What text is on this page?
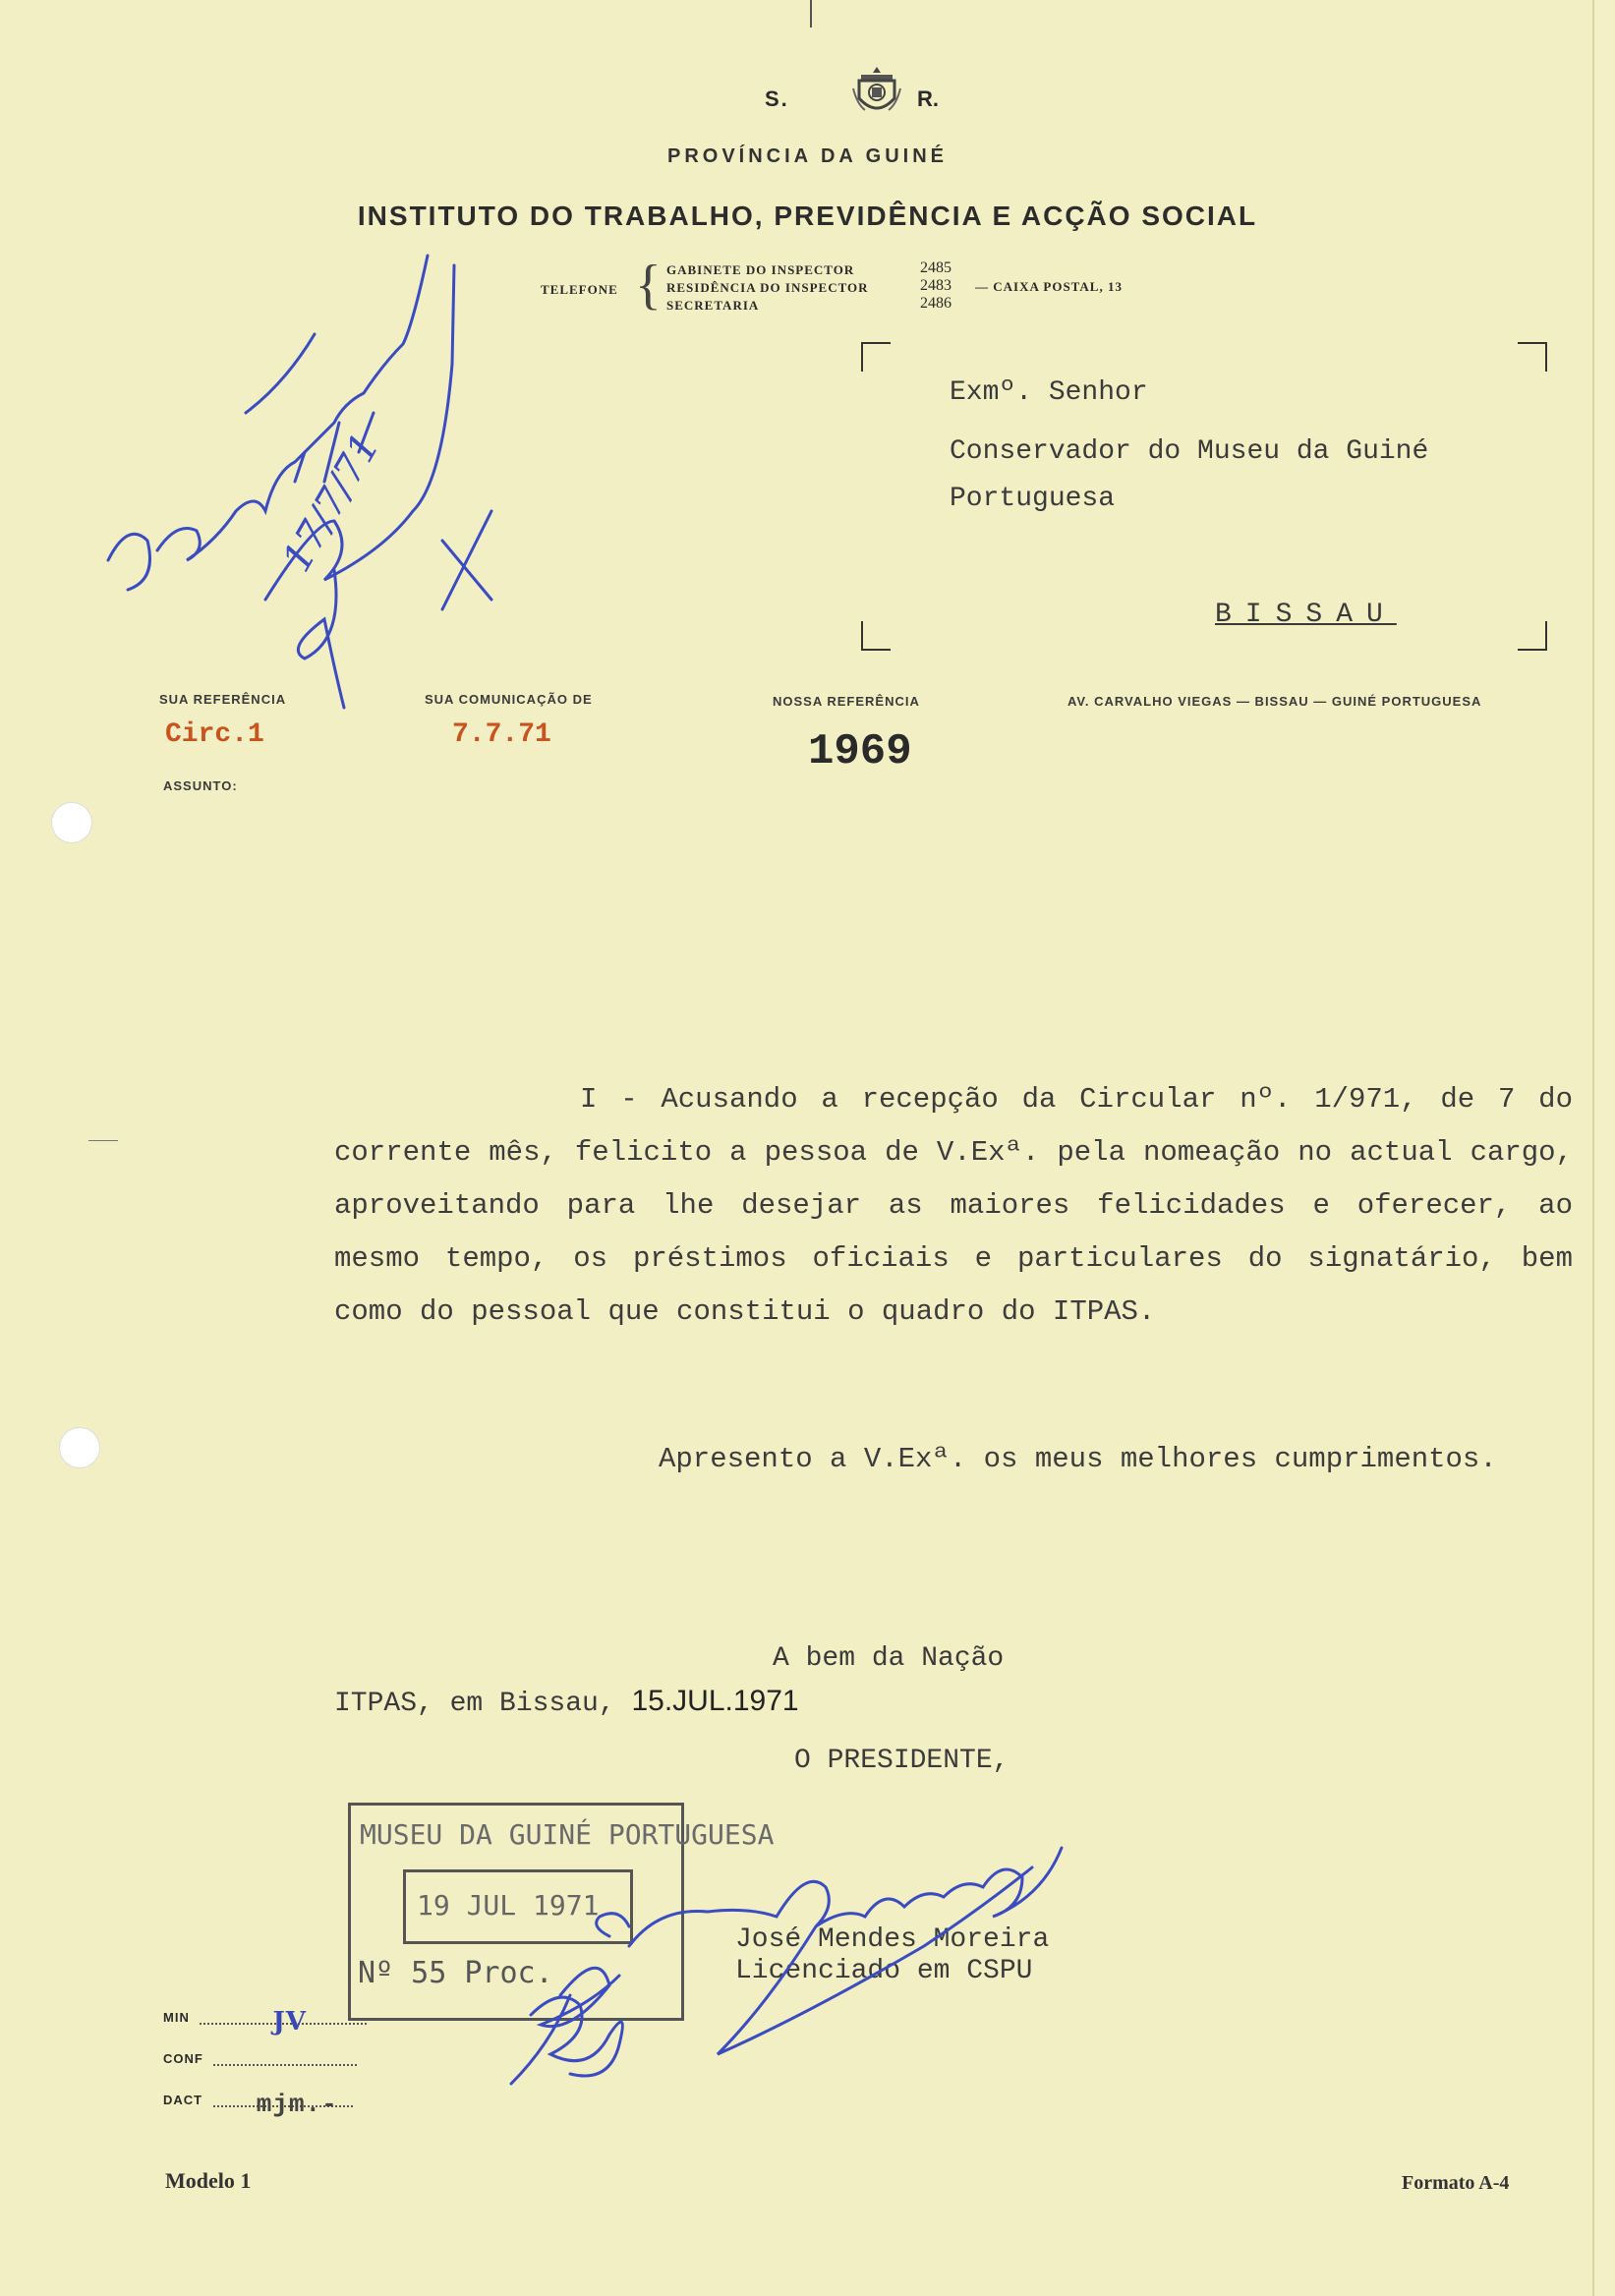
S.	R.
PROVÍNCIA DA GUINÉ
INSTITUTO DO TRABALHO, PREVIDÊNCIA E ACÇÃO SOCIAL
TELEFONE { GABINETE DO INSPECTOR
RESIDÊNCIA DO INSPECTOR
SECRETARIA
2485
2483
2486
— CAIXA POSTAL, 13
Exmº. Senhor
Conservador do Museu da Guiné
Portuguesa
BISSAU
SUA REFERÊNCIA	SUA COMUNICAÇÃO DE	NOSSA REFERÊNCIA	AV. CARVALHO VIEGAS — BISSAU — GUINÉ PORTUGUESA
Circ.1	7.7.71	1969
ASSUNTO:
I - Acusando a recepção da Circular nº. 1/971, de 7 do corrente mês, felicito a pessoa de V.Exª. pela nomeação no actual cargo, aproveitando para lhe desejar as maiores felicidades e oferecer, ao mesmo tempo, os préstimos oficiais e particulares do signatário, bem como do pessoal que constitui o quadro do ITPAS.
Apresento a V.Exª. os meus melhores cumprimentos.
A bem da Nação
ITPAS, em Bissau, 15.JUL.1971
O PRESIDENTE,
José Mendes Moreira
Licenciado em CSPU
MUSEU DA GUINÉ PORTUGUESA
19 JUL 1971
Nº 55 Proc.
17/7/71
MIN	JV
CONF
DACT mjm.-
Modelo 1	Formato A-4
